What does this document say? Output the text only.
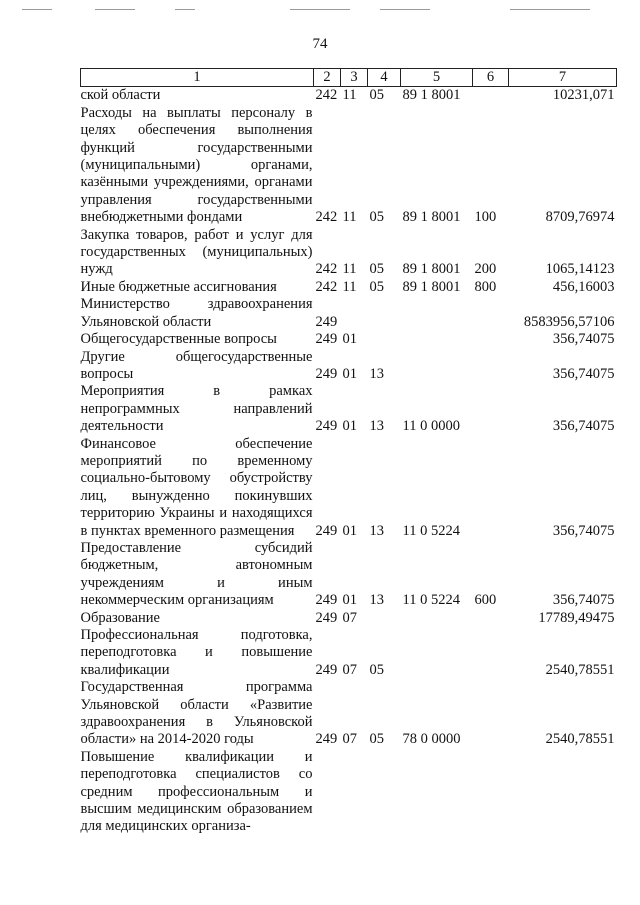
74
1	2	3	4	5	6	7
ской области	242	11	05	89 1 8001		10231,071
Расходы на выплаты персоналу в целях обеспечения выполнения функций государственными (муниципальными) органами, казёнными учреждениями, органами управления государственными внебюджетными фондами	242	11	05	89 1 8001	100	8709,76974
Закупка товаров, работ и услуг для государственных (муниципальных) нужд	242	11	05	89 1 8001	200	1065,14123
Иные бюджетные ассигнования	242	11	05	89 1 8001	800	456,16003
Министерство здравоохранения Ульяновской области	249					8583956,57106
Общегосударственные вопросы	249	01				356,74075
Другие общегосударственные вопросы	249	01	13			356,74075
Мероприятия в рамках непрограммных направлений деятельности	249	01	13	11 0 0000		356,74075
Финансовое обеспечение мероприятий по временному социально-бытовому обустройству лиц, вынужденно покинувших территорию Украины и находящихся в пунктах временного размещения	249	01	13	11 0 5224		356,74075
Предоставление субсидий бюджетным, автономным учреждениям и иным некоммерческим организациям	249	01	13	11 0 5224	600	356,74075
Образование	249	07				17789,49475
Профессиональная подготовка, переподготовка и повышение квалификации	249	07	05			2540,78551
Государственная программа Ульяновской области «Развитие здравоохранения в Ульяновской области» на 2014-2020 годы	249	07	05	78 0 0000		2540,78551
Повышение квалификации и переподготовка специалистов со средним профессиональным и высшим медицинским образованием для медицинских организа-						
